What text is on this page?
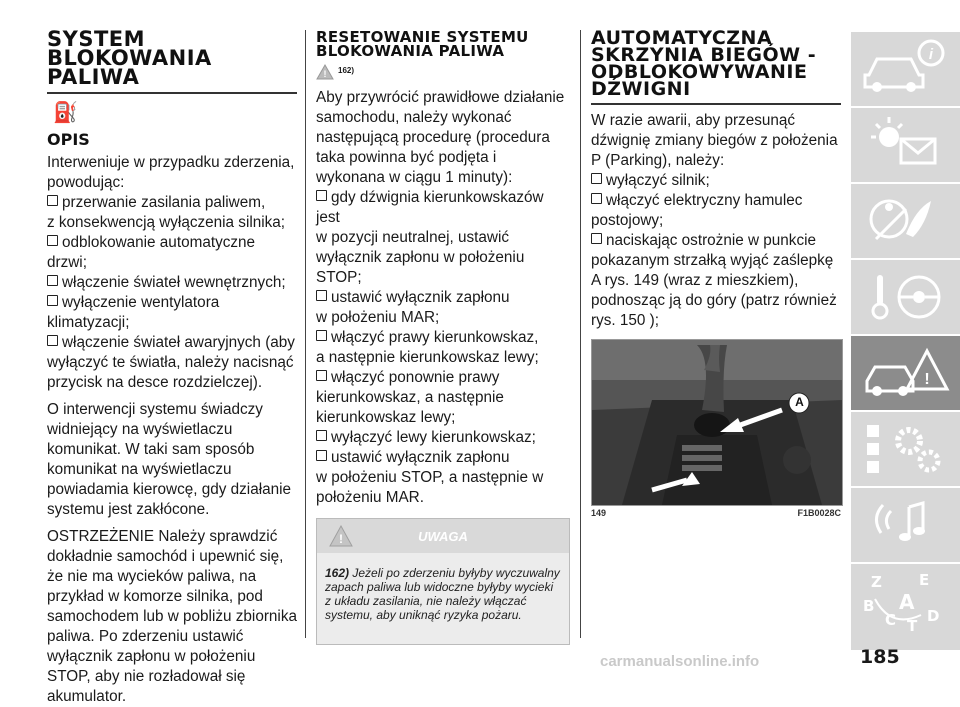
SYSTEM
BLOKOWANIA
PALIWA
⛽
OPIS

Interweniuje w przypadku zderzenia, powodując:

przerwanie zasilania paliwem,

z konsekwencją wyłączenia silnika;

odblokowanie automatyczne drzwi;

włączenie świateł wewnętrznych;

wyłączenie wentylatora klimatyzacji;

włączenie świateł awaryjnych (aby

wyłączyć te światła, należy nacisnąć przycisk na desce rozdzielczej).

O interwencji systemu świadczy widniejący na wyświetlaczu komunikat. W taki sam sposób komunikat na wyświetlaczu powiadamia kierowcę, gdy działanie systemu jest zakłócone.

OSTRZEŻENIE Należy sprawdzić dokładnie samochód i upewnić się, że nie ma wycieków paliwa, na przykład w komorze silnika, pod samochodem lub w pobliżu zbiornika paliwa. Po zderzeniu ustawić wyłącznik zapłonu w położeniu STOP, aby nie rozładował się akumulator.

RESETOWANIE SYSTEMU
BLOKOWANIA PALIWA
! 162)

Aby przywrócić prawidłowe działanie samochodu, należy wykonać następującą procedurę (procedura taka powinna być podjęta i wykonana w ciągu 1 minuty):

gdy dźwignia kierunkowskazów jest

w pozycji neutralnej, ustawić wyłącznik zapłonu w położeniu STOP;

ustawić wyłącznik zapłonu

w położeniu MAR;

włączyć prawy kierunkowskaz,

a następnie kierunkowskaz lewy;

włączyć ponownie prawy

kierunkowskaz, a następnie kierunkowskaz lewy;

wyłączyć lewy kierunkowskaz;

ustawić wyłącznik zapłonu

w położeniu STOP, a następnie w położeniu MAR.

!	UWAGA
162) Jeżeli po zderzeniu byłyby wyczuwalny zapach paliwa lub widoczne byłyby wycieki z układu zasilania, nie należy włączać systemu, aby uniknąć ryzyka pożaru.
AUTOMATYCZNA
SKRZYNIA BIEGÓW -
ODBLOKOWYWANIE
DŹWIGNI

W razie awarii, aby przesunąć dźwignię zmiany biegów z położenia P (Parking), należy:

wyłączyć silnik;

włączyć elektryczny hamulec

postojowy;

naciskając ostrożnie w punkcie

pokazanym strzałką wyjąć zaślepkę A rys. 149 (wraz z mieszkiem), podnosząc ją do góry (patrz również rys. 150 );

A
149	F1B0028C
i
!
Z E
B A
C T
D
185
carmanualsonline.info
